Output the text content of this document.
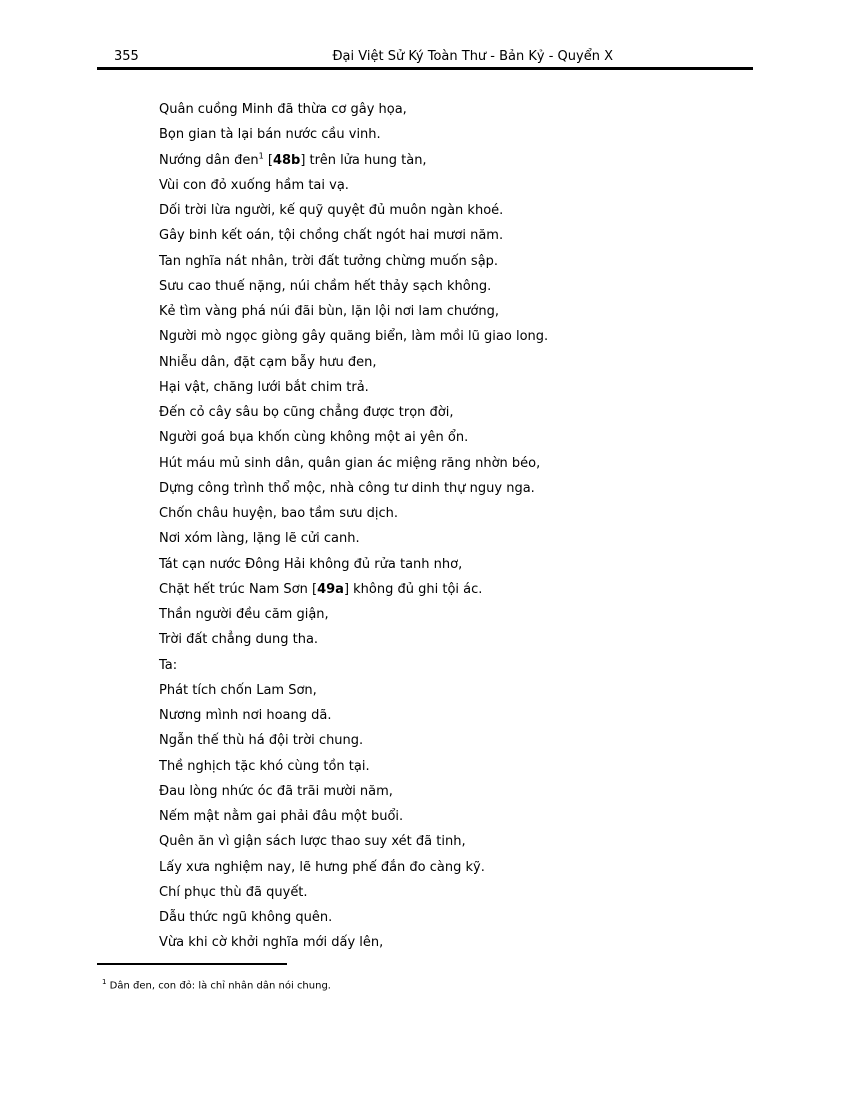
355	Đại Việt Sử Ký Toàn Thư - Bản Kỷ - Quyển X
Quân cuồng Minh đã thừa cơ gây họa,
Bọn gian tà lại bán nước cầu vinh.
Nướng dân đen$^1$ [48b] trên lửa hung tàn,
Vùi con đỏ xuống hầm tai vạ.
Dối trời lừa người, kế quỹ quyệt đủ muôn ngàn khoé.
Gây binh kết oán, tội chồng chất ngót hai mươi năm.
Tan nghĩa nát nhân, trời đất tưởng chừng muốn sập.
Sưu cao thuế nặng, núi chầm hết thảy sạch không.
Kẻ tìm vàng phá núi đãi bùn, lặn lội nơi lam chướng,
Người mò ngọc giòng gây quăng biển, làm mồi lũ giao long.
Nhiễu dân, đặt cạm bẫy hưu đen,
Hại vật, chăng lưới bắt chim trả.
Đến cỏ cây sâu bọ cũng chẳng được trọn đời,
Người goá bụa khốn cùng không một ai yên ổn.
Hút máu mủ sinh dân, quân gian ác miệng răng nhờn béo,
Dựng công trình thổ mộc, nhà công tư dinh thự nguy nga.
Chốn châu huyện, bao tầm sưu dịch.
Nơi xóm làng, lặng lẽ cửi canh.
Tát cạn nước Đông Hải không đủ rửa tanh nhơ,
Chặt hết trúc Nam Sơn [49a] không đủ ghi tội ác.
Thần người đều căm giận,
Trời đất chẳng dung tha.
Ta:
Phát tích chốn Lam Sơn,
Nương mình nơi hoang dã.
Ngẫn thế thù há đội trời chung.
Thề nghịch tặc khó cùng tồn tại.
Đau lòng nhức óc đã trãi mười năm,
Nếm mật nằm gai phải đâu một buổi.
Quên ăn vì giận sách lược thao suy xét đã tinh,
Lấy xưa nghiệm nay, lẽ hưng phế đắn đo càng kỹ.
Chí phục thù đã quyết.
Dẫu thức ngũ không quên.
Vừa khi cờ khởi nghĩa mới dấy lên,
$^1$ Dân đen, con đỏ: là chỉ nhân dân nói chung.
